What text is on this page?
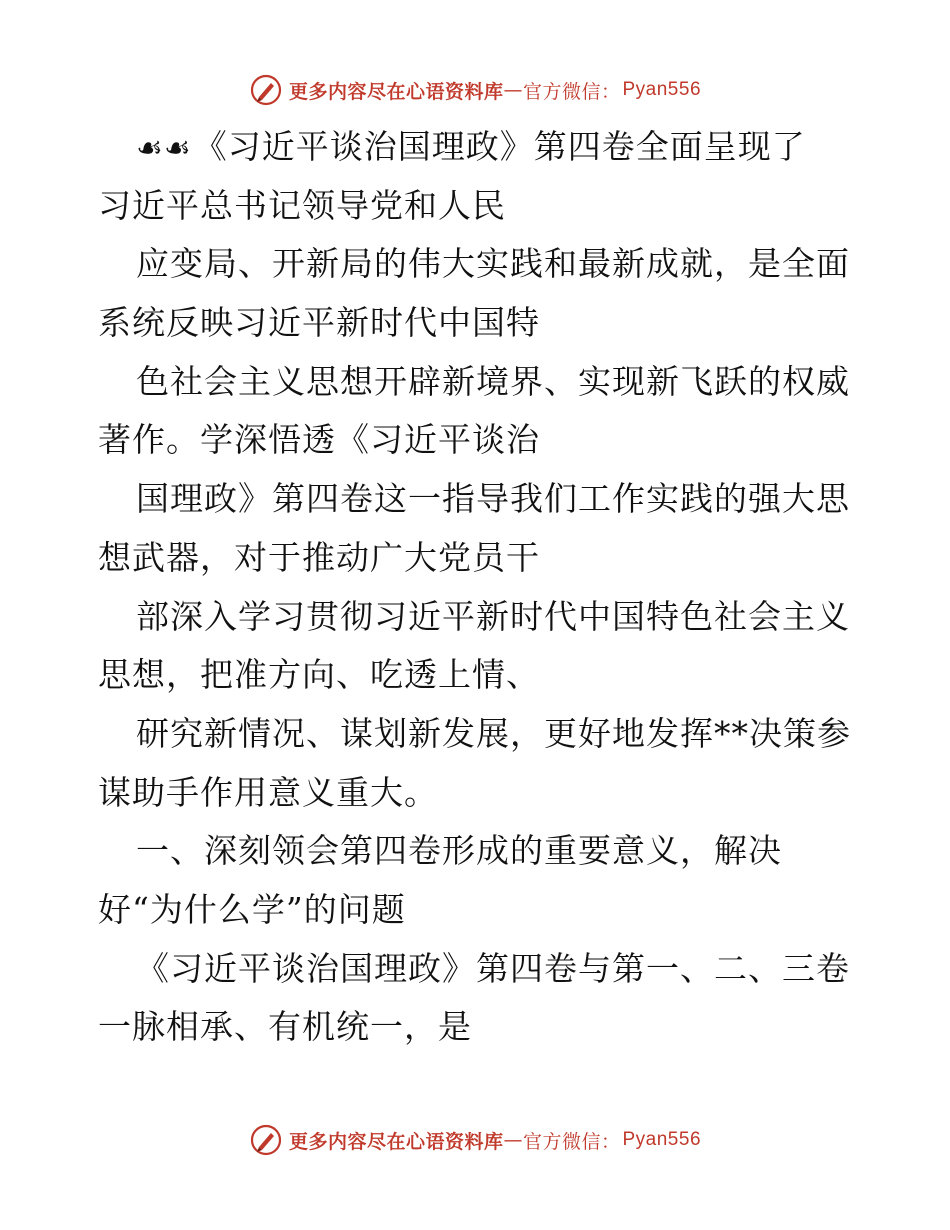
更多内容尽在心语资料库 — 官方微信： Pyan556
☙☙《习近平谈治国理政》第四卷全面呈现了
习近平总书记领导党和人民
应变局、开新局的伟大实践和最新成就，是全面
系统反映习近平新时代中国特
色社会主义思想开辟新境界、实现新飞跃的权威
著作。学深悟透《习近平谈治
国理政》第四卷这一指导我们工作实践的强大思
想武器，对于推动广大党员干
部深入学习贯彻习近平新时代中国特色社会主义
思想，把准方向、吃透上情、
研究新情况、谋划新发展，更好地发挥**决策参
谋助手作用意义重大。
一、深刻领会第四卷形成的重要意义，解决
好“为什么学”的问题
《习近平谈治国理政》第四卷与第一、二、三卷
一脉相承、有机统一，是
更多内容尽在心语资料库 — 官方微信： Pyan556
